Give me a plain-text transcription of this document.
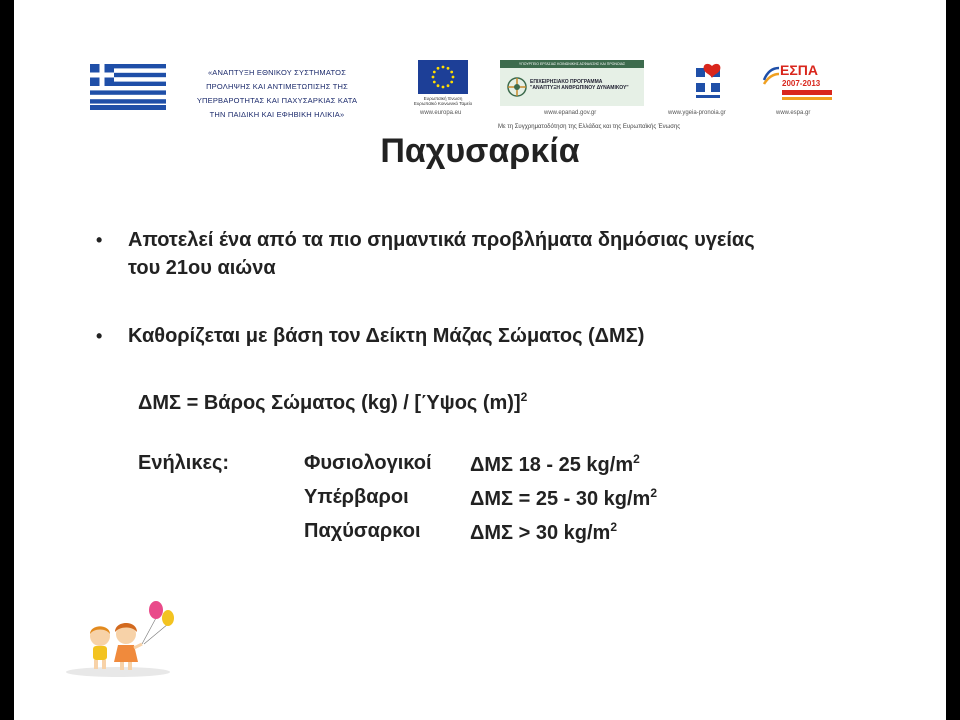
«ΑΝΑΠΤΥΞΗ ΕΘΝΙΚΟΥ ΣΥΣΤΗΜΑΤΟΣ
ΠΡΟΛΗΨΗΣ ΚΑΙ ΑΝΤΙΜΕΤΩΠΙΣΗΣ ΤΗΣ
ΥΠΕΡΒΑΡΟΤΗΤΑΣ ΚΑΙ ΠΑΧΥΣΑΡΚΙΑΣ ΚΑΤΑ
ΤΗΝ ΠΑΙΔΙΚΗ ΚΑΙ ΕΦΗΒΙΚΗ ΗΛΙΚΙΑ»
Ευρωπαϊκή Ένωση Ευρωπαϊκό Κοινωνικό Ταμείο
www.europa.eu
ΥΠΟΥΡΓΕΙΟ ΕΡΓΑΣΙΑΣ ΚΟΙΝΩΝΙΚΗΣ ΑΣΦΑΛΙΣΗΣ ΚΑΙ ΠΡΟΝΟΙΑΣ
ΕΠΙΧΕΙΡΗΣΙΑΚΟ ΠΡΟΓΡΑΜΜΑ
"ΑΝΑΠΤΥΞΗ ΑΝΘΡΩΠΙΝΟΥ ΔΥΝΑΜΙΚΟΥ"
www.epanad.gov.gr	www.ygeia-pronoia.gr
ΕΣΠΑ
2007-2013
www.espa.gr
Με τη Συγχρηματοδότηση της Ελλάδας και της Ευρωπαϊκής Ένωσης
Παχυσαρκία
• Αποτελεί ένα από τα πιο σημαντικά προβλήματα δημόσιας υγείας
του 21ου αιώνα
• Καθορίζεται με βάση τον Δείκτη Μάζας Σώματος (ΔΜΣ)
ΔΜΣ = Βάρος Σώματος (kg) / [Ύψος (m)]$^2$
Ενήλικες:	Φυσιολογικοί ΔΜΣ 18 - 25 $kg/m^2$
Υπέρβαροι	ΔΜΣ = 25 - 30 $kg/m^2$
Παχύσαρκοι ΔΜΣ > 30 $kg/m^2$
